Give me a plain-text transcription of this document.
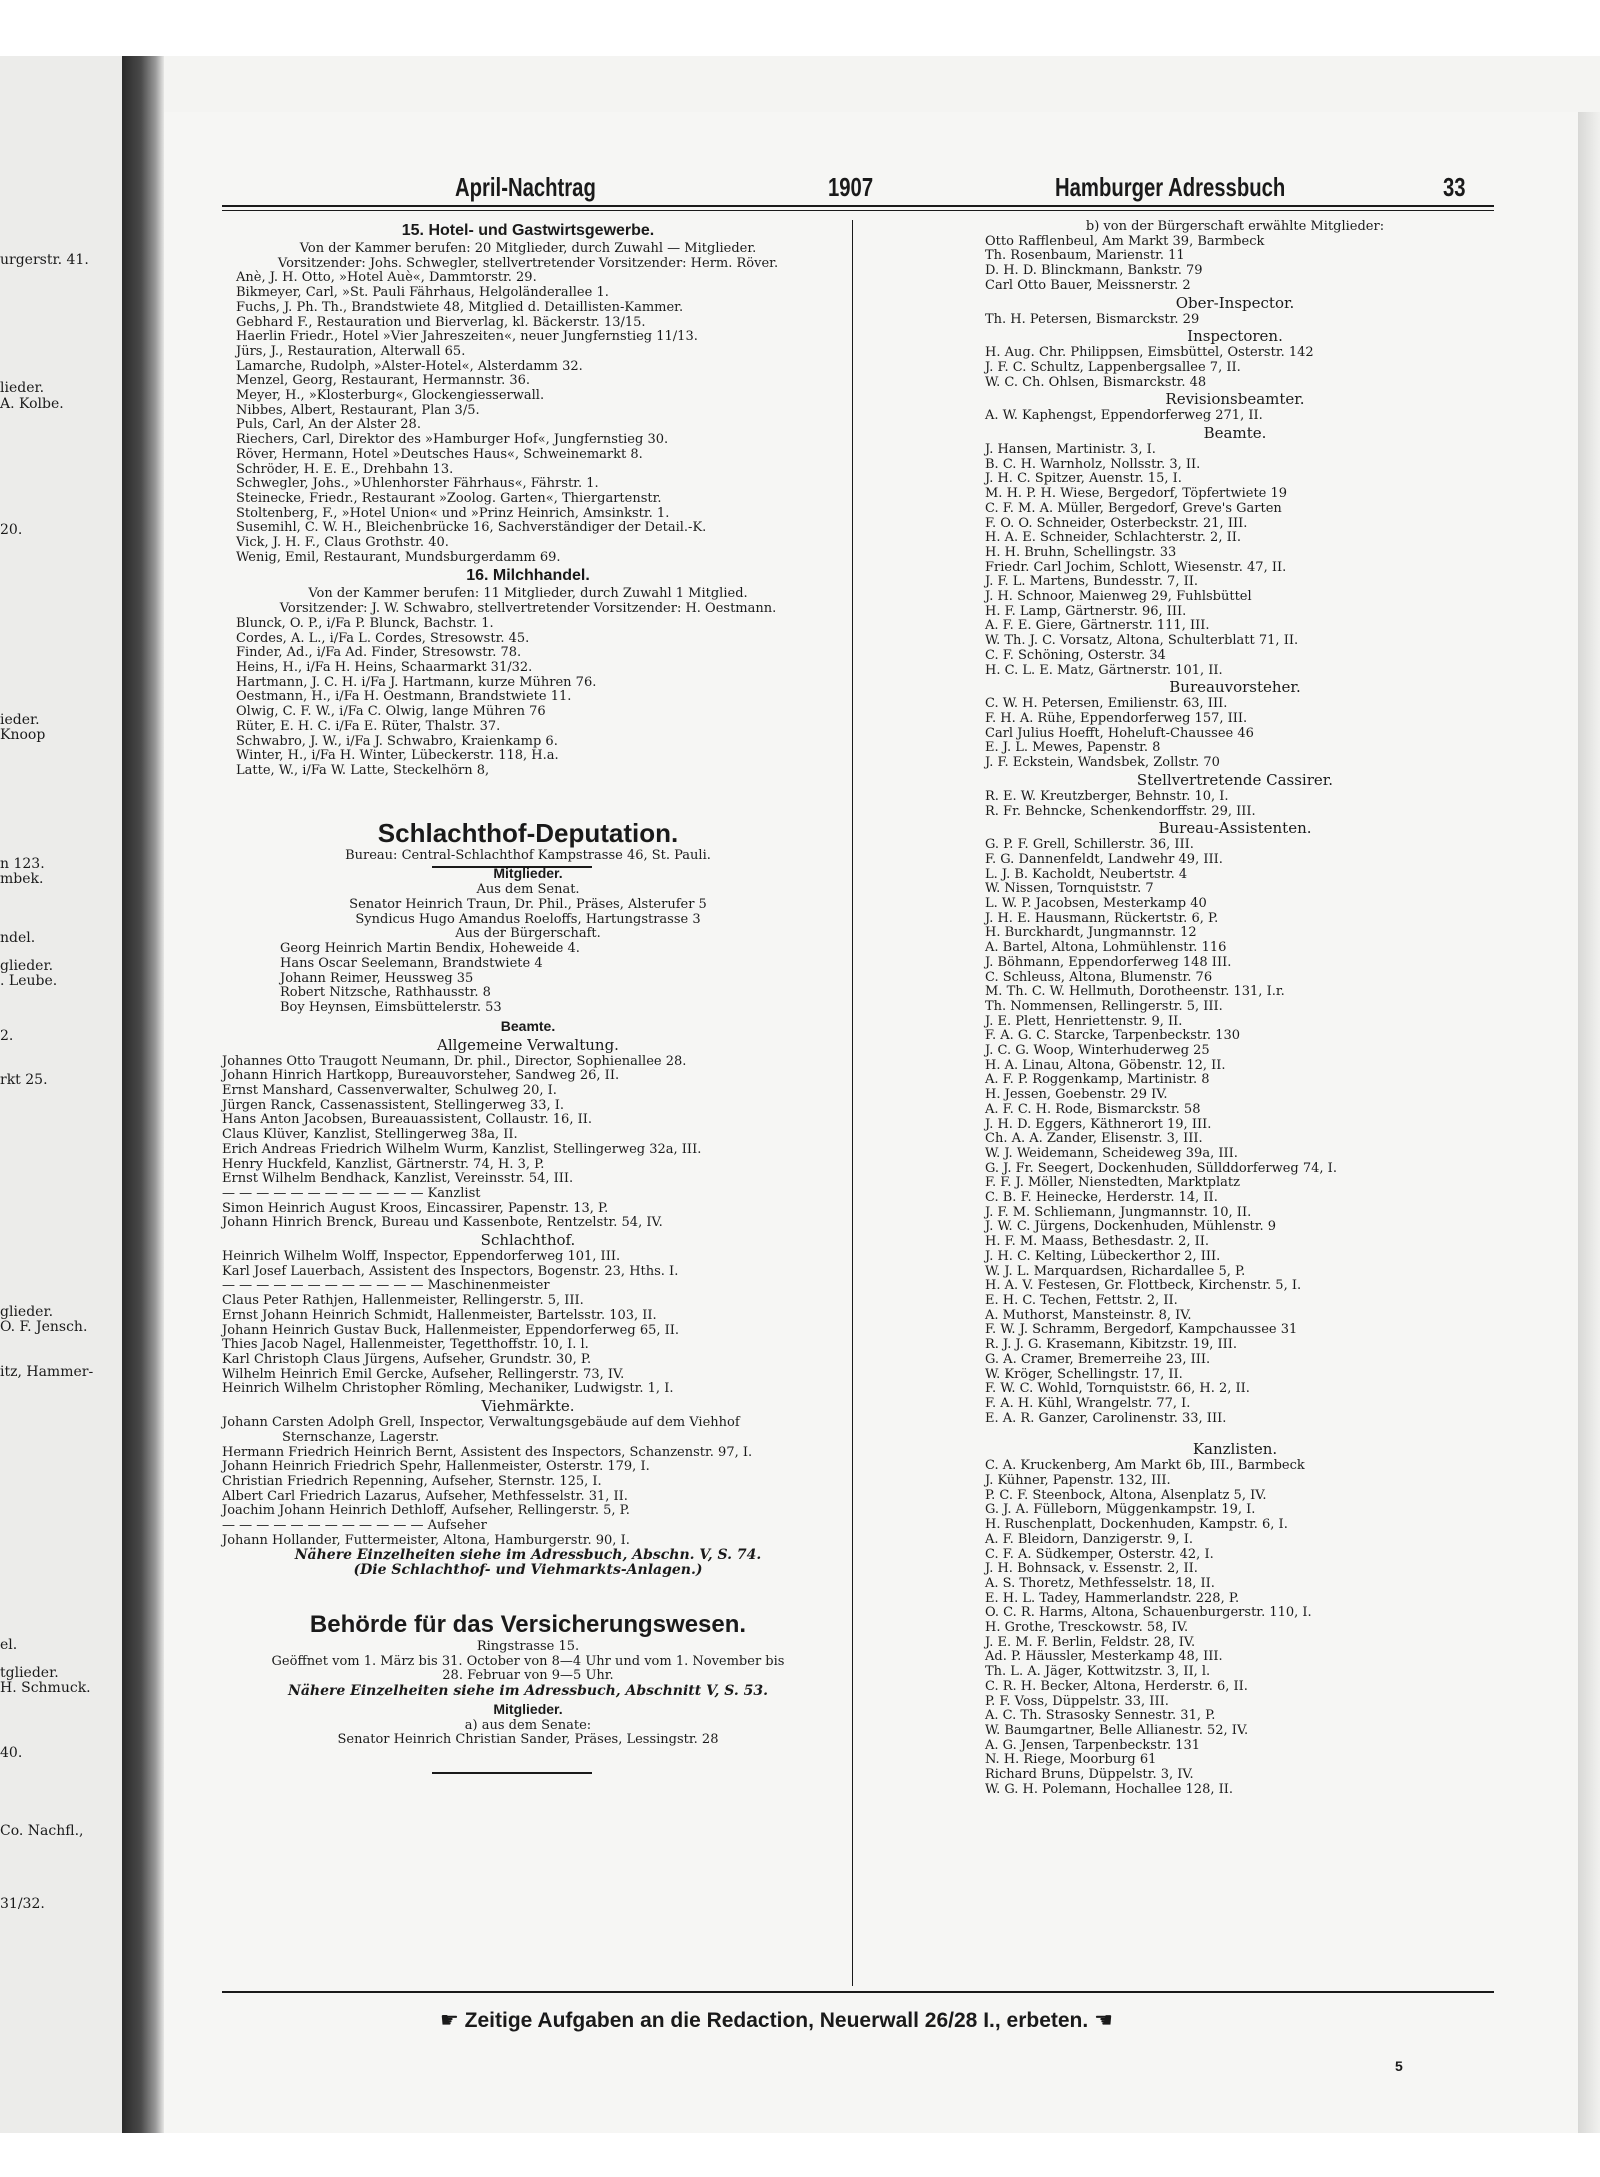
urgerstr. 41.
lieder.
A. Kolbe.
20.
ieder.
Knoop
n 123.
mbek.
ndel.
glieder.
. Leube.
2.
rkt 25.
glieder.
O. F. Jensch.
itz, Hammer-
el.
tglieder.
H. Schmuck.
40.
Co. Nachfl.,
31/32.
April-Nachtrag	1907	Hamburger Adressbuch	33
15. Hotel- und Gastwirtsgewerbe.
Von der Kammer berufen: 20 Mitglieder, durch Zuwahl — Mitglieder.
Vorsitzender: Johs. Schwegler, stellvertretender Vorsitzender: Herm. Röver.
Anè, J. H. Otto, »Hotel Auè«, Dammtorstr. 29.
Bikmeyer, Carl, »St. Pauli Fährhaus, Helgoländerallee 1.
Fuchs, J. Ph. Th., Brandstwiete 48, Mitglied d. Detaillisten-Kammer.
Gebhard F., Restauration und Bierverlag, kl. Bäckerstr. 13/15.
Haerlin Friedr., Hotel »Vier Jahreszeiten«, neuer Jungfernstieg 11/13.
Jürs, J., Restauration, Alterwall 65.
Lamarche, Rudolph, »Alster-Hotel«, Alsterdamm 32.
Menzel, Georg, Restaurant, Hermannstr. 36.
Meyer, H., »Klosterburg«, Glockengiesserwall.
Nibbes, Albert, Restaurant, Plan 3/5.
Puls, Carl, An der Alster 28.
Riechers, Carl, Direktor des »Hamburger Hof«, Jungfernstieg 30.
Röver, Hermann, Hotel »Deutsches Haus«, Schweinemarkt 8.
Schröder, H. E. E., Drehbahn 13.
Schwegler, Johs., »Uhlenhorster Fährhaus«, Fährstr. 1.
Steinecke, Friedr., Restaurant »Zoolog. Garten«, Thiergartenstr.
Stoltenberg, F., »Hotel Union« und »Prinz Heinrich, Amsinkstr. 1.
Susemihl, C. W. H., Bleichenbrücke 16, Sachverständiger der Detail.-K.
Vick, J. H. F., Claus Grothstr. 40.
Wenig, Emil, Restaurant, Mundsburgerdamm 69.
16. Milchhandel.
Von der Kammer berufen: 11 Mitglieder, durch Zuwahl 1 Mitglied.
Vorsitzender: J. W. Schwabro, stellvertretender Vorsitzender: H. Oestmann.
Blunck, O. P., i/Fa P. Blunck, Bachstr. 1.
Cordes, A. L., i/Fa L. Cordes, Stresowstr. 45.
Finder, Ad., i/Fa Ad. Finder, Stresowstr. 78.
Heins, H., i/Fa H. Heins, Schaarmarkt 31/32.
Hartmann, J. C. H. i/Fa J. Hartmann, kurze Mühren 76.
Oestmann, H., i/Fa H. Oestmann, Brandstwiete 11.
Olwig, C. F. W., i/Fa C. Olwig, lange Mühren 76
Rüter, E. H. C. i/Fa E. Rüter, Thalstr. 37.
Schwabro, J. W., i/Fa J. Schwabro, Kraienkamp 6.
Winter, H., i/Fa H. Winter, Lübeckerstr. 118, H.a.
Latte, W., i/Fa W. Latte, Steckelhörn 8,
Schlachthof-Deputation.
Bureau: Central-Schlachthof Kampstrasse 46, St. Pauli.
Mitglieder.
Aus dem Senat.
Senator Heinrich Traun, Dr. Phil., Präses, Alsterufer 5
Syndicus Hugo Amandus Roeloffs, Hartungstrasse 3
Aus der Bürgerschaft.
Georg Heinrich Martin Bendix, Hoheweide 4.
Hans Oscar Seelemann, Brandstwiete 4
Johann Reimer, Heussweg 35
Robert Nitzsche, Rathhausstr. 8
Boy Heynsen, Eimsbüttelerstr. 53
Beamte.
Allgemeine Verwaltung.
Johannes Otto Traugott Neumann, Dr. phil., Director, Sophienallee 28.
Johann Hinrich Hartkopp, Bureauvorsteher, Sandweg 26, II.
Ernst Manshard, Cassenverwalter, Schulweg 20, I.
Jürgen Ranck, Cassenassistent, Stellingerweg 33, I.
Hans Anton Jacobsen, Bureauassistent, Collaustr. 16, II.
Claus Klüver, Kanzlist, Stellingerweg 38a, II.
Erich Andreas Friedrich Wilhelm Wurm, Kanzlist, Stellingerweg 32a, III.
Henry Huckfeld, Kanzlist, Gärtnerstr. 74, H. 3, P.
Ernst Wilhelm Bendhack, Kanzlist, Vereinsstr. 54, III.
— — — — — — — — — — — — Kanzlist
Simon Heinrich August Kroos, Eincassirer, Papenstr. 13, P.
Johann Hinrich Brenck, Bureau und Kassenbote, Rentzelstr. 54, IV.
Schlachthof.
Heinrich Wilhelm Wolff, Inspector, Eppendorferweg 101, III.
Karl Josef Lauerbach, Assistent des Inspectors, Bogenstr. 23, Hths. I.
— — — — — — — — — — — — Maschinenmeister
Claus Peter Rathjen, Hallenmeister, Rellingerstr. 5, III.
Ernst Johann Heinrich Schmidt, Hallenmeister, Bartelsstr. 103, II.
Johann Heinrich Gustav Buck, Hallenmeister, Eppendorferweg 65, II.
Thies Jacob Nagel, Hallenmeister, Tegetthoffstr. 10, I. l.
Karl Christoph Claus Jürgens, Aufseher, Grundstr. 30, P.
Wilhelm Heinrich Emil Gercke, Aufseher, Rellingerstr. 73, IV.
Heinrich Wilhelm Christopher Römling, Mechaniker, Ludwigstr. 1, I.
Viehmärkte.
Johann Carsten Adolph Grell, Inspector, Verwaltungsgebäude auf dem Viehhof
Sternschanze, Lagerstr.
Hermann Friedrich Heinrich Bernt, Assistent des Inspectors, Schanzenstr. 97, I.
Johann Heinrich Friedrich Spehr, Hallenmeister, Osterstr. 179, I.
Christian Friedrich Repenning, Aufseher, Sternstr. 125, I.
Albert Carl Friedrich Lazarus, Aufseher, Methfesselstr. 31, II.
Joachim Johann Heinrich Dethloff, Aufseher, Rellingerstr. 5, P.
— — — — — — — — — — — — Aufseher
Johann Hollander, Futtermeister, Altona, Hamburgerstr. 90, I.
Nähere Einzelheiten siehe im Adressbuch, Abschn. V, S. 74.
(Die Schlachthof- und Viehmarkts-Anlagen.)
Behörde für das Versicherungswesen.
Ringstrasse 15.
Geöffnet vom 1. März bis 31. October von 8—4 Uhr und vom 1. November bis
28. Februar von 9—5 Uhr.
Nähere Einzelheiten siehe im Adressbuch, Abschnitt V, S. 53.
Mitglieder.
a) aus dem Senate:
Senator Heinrich Christian Sander, Präses, Lessingstr. 28
b) von der Bürgerschaft erwählte Mitglieder:
Otto Rafflenbeul, Am Markt 39, Barmbeck
Th. Rosenbaum, Marienstr. 11
D. H. D. Blinckmann, Bankstr. 79
Carl Otto Bauer, Meissnerstr. 2
Ober-Inspector.
Th. H. Petersen, Bismarckstr. 29
Inspectoren.
H. Aug. Chr. Philippsen, Eimsbüttel, Osterstr. 142
J. F. C. Schultz, Lappenbergsallee 7, II.
W. C. Ch. Ohlsen, Bismarckstr. 48
Revisionsbeamter.
A. W. Kaphengst, Eppendorferweg 271, II.
Beamte.
J. Hansen, Martinistr. 3, I.
B. C. H. Warnholz, Nollsstr. 3, II.
J. H. C. Spitzer, Auenstr. 15, I.
M. H. P. H. Wiese, Bergedorf, Töpfertwiete 19
C. F. M. A. Müller, Bergedorf, Greve's Garten
F. O. O. Schneider, Osterbeckstr. 21, III.
H. A. E. Schneider, Schlachterstr. 2, II.
H. H. Bruhn, Schellingstr. 33
Friedr. Carl Jochim, Schlott, Wiesenstr. 47, II.
J. F. L. Martens, Bundesstr. 7, II.
J. H. Schnoor, Maienweg 29, Fuhlsbüttel
H. F. Lamp, Gärtnerstr. 96, III.
A. F. E. Giere, Gärtnerstr. 111, III.
W. Th. J. C. Vorsatz, Altona, Schulterblatt 71, II.
C. F. Schöning, Osterstr. 34
H. C. L. E. Matz, Gärtnerstr. 101, II.
Bureauvorsteher.
C. W. H. Petersen, Emilienstr. 63, III.
F. H. A. Rühe, Eppendorferweg 157, III.
Carl Julius Hoefft, Hoheluft-Chaussee 46
E. J. L. Mewes, Papenstr. 8
J. F. Eckstein, Wandsbek, Zollstr. 70
Stellvertretende Cassirer.
R. E. W. Kreutzberger, Behnstr. 10, I.
R. Fr. Behncke, Schenkendorffstr. 29, III.
Bureau-Assistenten.
G. P. F. Grell, Schillerstr. 36, III.
F. G. Dannenfeldt, Landwehr 49, III.
L. J. B. Kacholdt, Neubertstr. 4
W. Nissen, Tornquiststr. 7
L. W. P. Jacobsen, Mesterkamp 40
J. H. E. Hausmann, Rückertstr. 6, P.
H. Burckhardt, Jungmannstr. 12
A. Bartel, Altona, Lohmühlenstr. 116
J. Böhmann, Eppendorferweg 148 III.
C. Schleuss, Altona, Blumenstr. 76
M. Th. C. W. Hellmuth, Dorotheenstr. 131, I.r.
Th. Nommensen, Rellingerstr. 5, III.
J. E. Plett, Henriettenstr. 9, II.
F. A. G. C. Starcke, Tarpenbeckstr. 130
J. C. G. Woop, Winterhuderweg 25
H. A. Linau, Altona, Göbenstr. 12, II.
A. F. P. Roggenkamp, Martinistr. 8
H. Jessen, Goebenstr. 29 IV.
A. F. C. H. Rode, Bismarckstr. 58
J. H. D. Eggers, Käthnerort 19, III.
Ch. A. A. Zander, Elisenstr. 3, III.
W. J. Weidemann, Scheideweg 39a, III.
G. J. Fr. Seegert, Dockenhuden, Süllddorferweg 74, I.
F. F. J. Möller, Nienstedten, Marktplatz
C. B. F. Heinecke, Herderstr. 14, II.
J. F. M. Schliemann, Jungmannstr. 10, II.
J. W. C. Jürgens, Dockenhuden, Mühlenstr. 9
H. F. M. Maass, Bethesdastr. 2, II.
J. H. C. Kelting, Lübeckerthor 2, III.
W. J. L. Marquardsen, Richardallee 5, P.
H. A. V. Festesen, Gr. Flottbeck, Kirchenstr. 5, I.
E. H. C. Techen, Fettstr. 2, II.
A. Muthorst, Mansteinstr. 8, IV.
F. W. J. Schramm, Bergedorf, Kampchaussee 31
R. J. J. G. Krasemann, Kibitzstr. 19, III.
G. A. Cramer, Bremerreihe 23, III.
W. Kröger, Schellingstr. 17, II.
F. W. C. Wohld, Tornquiststr. 66, H. 2, II.
F. A. H. Kühl, Wrangelstr. 77, I.
E. A. R. Ganzer, Carolinenstr. 33, III.
Kanzlisten.
C. A. Kruckenberg, Am Markt 6b, III., Barmbeck
J. Kühner, Papenstr. 132, III.
P. C. F. Steenbock, Altona, Alsenplatz 5, IV.
G. J. A. Fülleborn, Müggenkampstr. 19, I.
H. Ruschenplatt, Dockenhuden, Kampstr. 6, I.
A. F. Bleidorn, Danzigerstr. 9, I.
C. F. A. Südkemper, Osterstr. 42, I.
J. H. Bohnsack, v. Essenstr. 2, II.
A. S. Thoretz, Methfesselstr. 18, II.
E. H. L. Tadey, Hammerlandstr. 228, P.
O. C. R. Harms, Altona, Schauenburgerstr. 110, I.
H. Grothe, Tresckowstr. 58, IV.
J. E. M. F. Berlin, Feldstr. 28, IV.
Ad. P. Häussler, Mesterkamp 48, III.
Th. L. A. Jäger, Kottwitzstr. 3, II, l.
C. R. H. Becker, Altona, Herderstr. 6, II.
P. F. Voss, Düppelstr. 33, III.
A. C. Th. Strasosky Sennestr. 31, P.
W. Baumgartner, Belle Allianestr. 52, IV.
A. G. Jensen, Tarpenbeckstr. 131
N. H. Riege, Moorburg 61
Richard Bruns, Düppelstr. 3, IV.
W. G. H. Polemann, Hochallee 128, II.
☛ Zeitige Aufgaben an die Redaction, Neuerwall 26/28 I., erbeten. ☚
5
